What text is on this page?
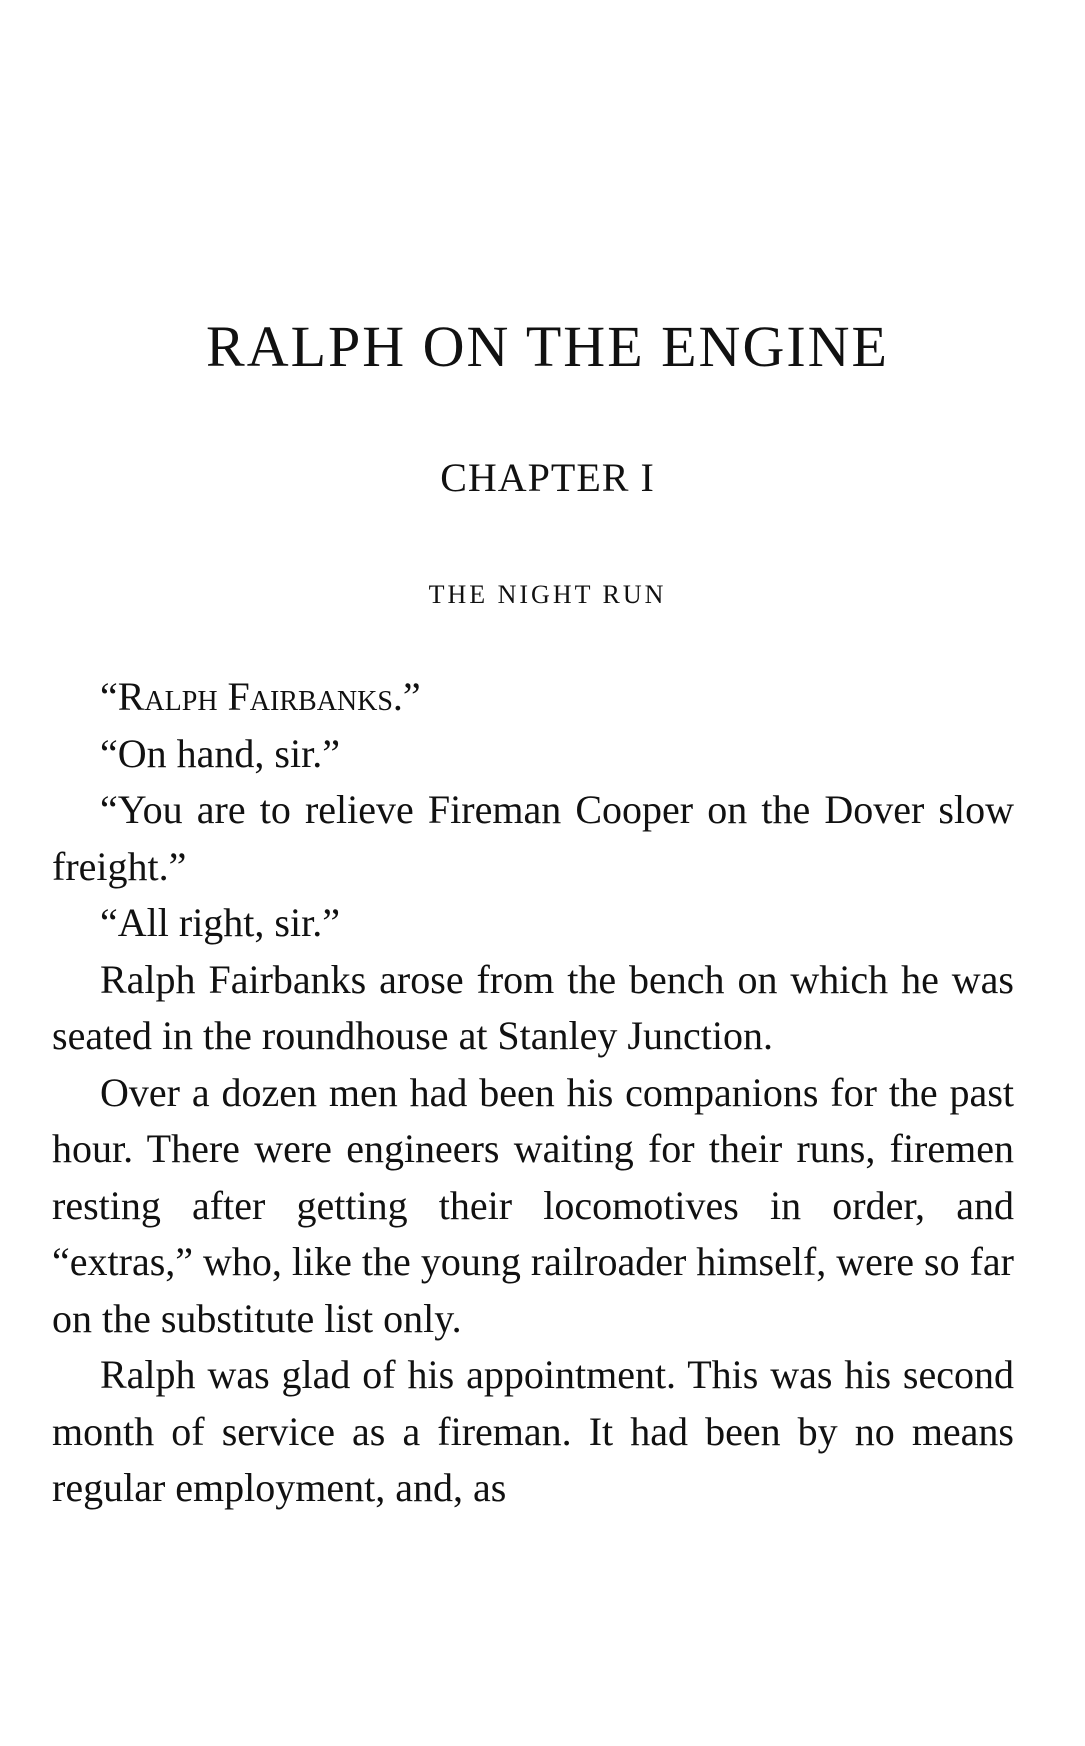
RALPH ON THE ENGINE
CHAPTER I
THE NIGHT RUN

“Ralph Fairbanks.”

“On hand, sir.”

“You are to relieve Fireman Cooper on the Dover slow freight.”

“All right, sir.”

Ralph Fairbanks arose from the bench on which he was seated in the roundhouse at Stanley Junction.

Over a dozen men had been his companions for the past hour. There were engineers waiting for their runs, firemen resting after getting their locomotives in order, and “extras,” who, like the young railroader himself, were so far on the substitute list only.

Ralph was glad of his appointment. This was his second month of service as a fireman. It had been by no means regular employment, and, as
